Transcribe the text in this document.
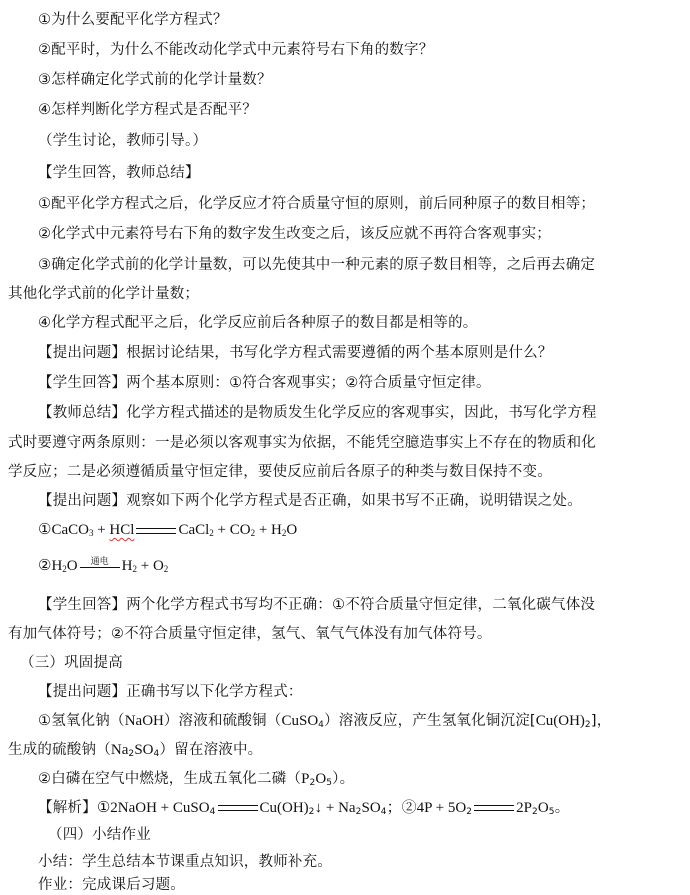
①为什么要配平化学方程式？
②配平时，为什么不能改动化学式中元素符号右下角的数字？
③怎样确定化学式前的化学计量数？
④怎样判断化学方程式是否配平？
（学生讨论，教师引导。）
【学生回答，教师总结】
①配平化学方程式之后，化学反应才符合质量守恒的原则，前后同种原子的数目相等；
②化学式中元素符号右下角的数字发生改变之后，该反应就不再符合客观事实；
③确定化学式前的化学计量数，可以先使其中一种元素的原子数目相等，之后再去确定
其他化学式前的化学计量数；
④化学方程式配平之后，化学反应前后各种原子的数目都是相等的。
【提出问题】根据讨论结果，书写化学方程式需要遵循的两个基本原则是什么？
【学生回答】两个基本原则：①符合客观事实；②符合质量守恒定律。
【教师总结】化学方程式描述的是物质发生化学反应的客观事实，因此，书写化学方程
式时要遵守两条原则：一是必须以客观事实为依据，不能凭空臆造事实上不存在的物质和化
学反应；二是必须遵循质量守恒定律，要使反应前后各原子的种类与数目保持不变。
【提出问题】观察如下两个化学方程式是否正确，如果书写不正确，说明错误之处。
①CaCO$_3$ + HCl	CaCl$_2$ + $CO_2 + H_2O$
$②H_2O$	通电 $H_2 + O_2$
【学生回答】两个化学方程式书写均不正确：①不符合质量守恒定律，二氧化碳气体没
有加气体符号；②不符合质量守恒定律，氢气、氧气气体没有加气体符号。
（三）巩固提高
【提出问题】正确书写以下化学方程式：
①氢氧化钠（NaOH）溶液和硫酸铜（CuSO$_4$）溶液反应，产生氢氧化铜沉淀$[Cu(OH)_2]$，
生成的硫酸钠$(Na_2SO_4)$留在溶液中。
②白磷在空气中燃烧，生成五氧化二磷$(P_2O_5)$。
【解析】①2NaOH + CuSO$_4$	$Cu(OH)_2↓ + Na_2SO_4$；②4P + $5O_2$	$2P_2O_5$。
（四）小结作业
小结：学生总结本节课重点知识，教师补充。
作业：完成课后习题。
